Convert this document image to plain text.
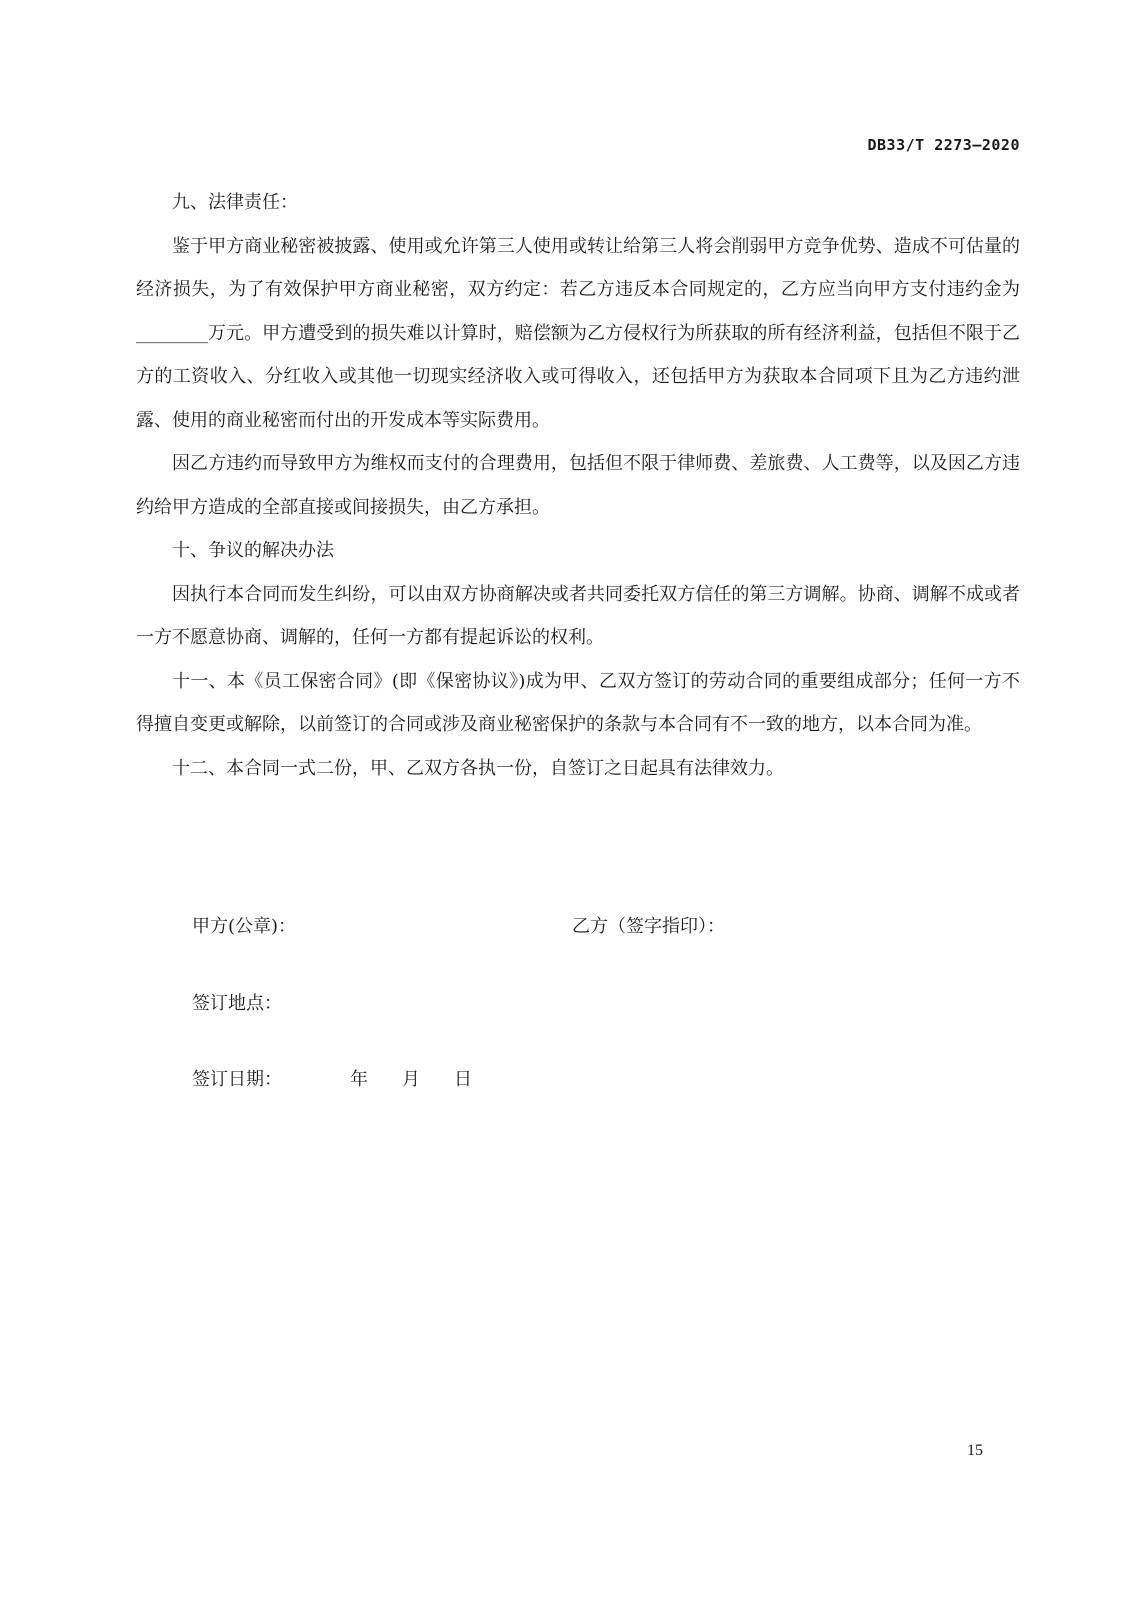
DB33/T 2273—2020

九、法律责任：

鉴于甲方商业秘密被披露、使用或允许第三人使用或转让给第三人将会削弱甲方竞争优势、造成不可估量的经济损失，为了有效保护甲方商业秘密，双方约定：若乙方违反本合同规定的，乙方应当向甲方支付违约金为________万元。甲方遭受到的损失难以计算时，赔偿额为乙方侵权行为所获取的所有经济利益，包括但不限于乙方的工资收入、分红收入或其他一切现实经济收入或可得收入，还包括甲方为获取本合同项下且为乙方违约泄露、使用的商业秘密而付出的开发成本等实际费用。

因乙方违约而导致甲方为维权而支付的合理费用，包括但不限于律师费、差旅费、人工费等，以及因乙方违约给甲方造成的全部直接或间接损失，由乙方承担。

十、争议的解决办法

因执行本合同而发生纠纷，可以由双方协商解决或者共同委托双方信任的第三方调解。协商、调解不成或者一方不愿意协商、调解的，任何一方都有提起诉讼的权利。

十一、本《员工保密合同》(即《保密协议》)成为甲、乙双方签订的劳动合同的重要组成部分；任何一方不得擅自变更或解除，以前签订的合同或涉及商业秘密保护的条款与本合同有不一致的地方，以本合同为准。

十二、本合同一式二份，甲、乙双方各执一份，自签订之日起具有法律效力。

甲方(公章)：	乙方（签字指印）：
签订地点：
签订日期：	年 月 日
15
